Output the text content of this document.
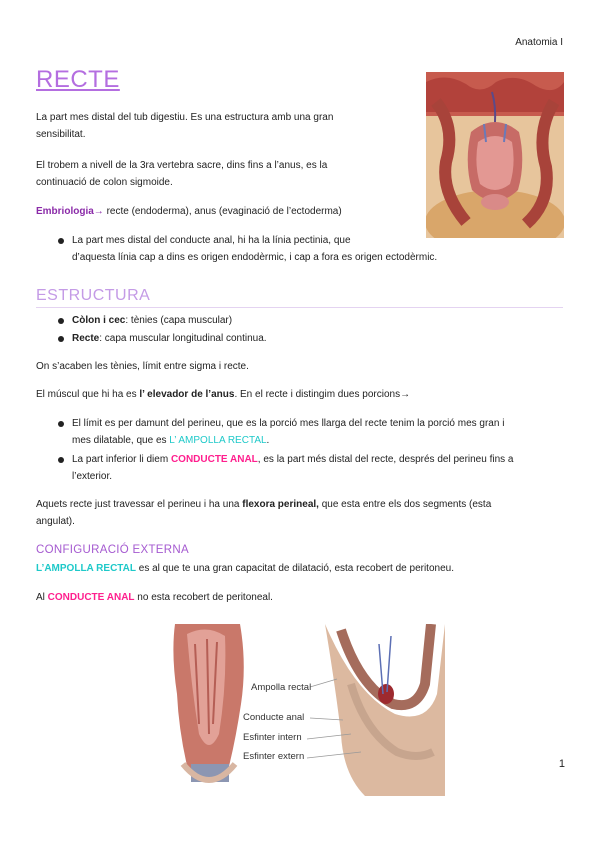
Anatomia I
RECTE
La part mes distal del tub digestiu. Es una estructura amb una gran
sensibilitat.
El trobem a nivell de la 3ra vertebra sacre, dins fins a l’anus, es la
continuació de colon sigmoide.
Embriologia→ recte (endoderma), anus (evaginació de l’ectoderma)
La part mes distal del conducte anal, hi ha la línia pectinia, que
d’aquesta línia cap a dins es origen endodèrmic, i cap a fora es origen ectodèrmic.
ESTRUCTURA
Còlon i cec: tènies (capa muscular)
Recte: capa muscular longitudinal continua.
On s’acaben les tènies, límit entre sigma i recte.
El múscul que hi ha es l’ elevador de l’anus. En el recte i distingim dues porcions→
El límit es per damunt del perineu, que es la porció mes llarga del recte tenim la porció mes gran i
mes dilatable, que es L’ AMPOLLA RECTAL.
La part inferior li diem CONDUCTE ANAL, es la part més distal del recte, després del perineu fins a
l’exterior.
Aquets recte just travessar el perineu i ha una flexora perineal, que esta entre els dos segments (esta
angulat).
CONFIGURACIÓ EXTERNA
L’AMPOLLA RECTAL es al que te una gran capacitat de dilatació, esta recobert de peritoneu.
Al CONDUCTE ANAL no esta recobert de peritoneal.
Ampolla rectal
Conducte anal
Esfinter intern
Esfinter extern
1
